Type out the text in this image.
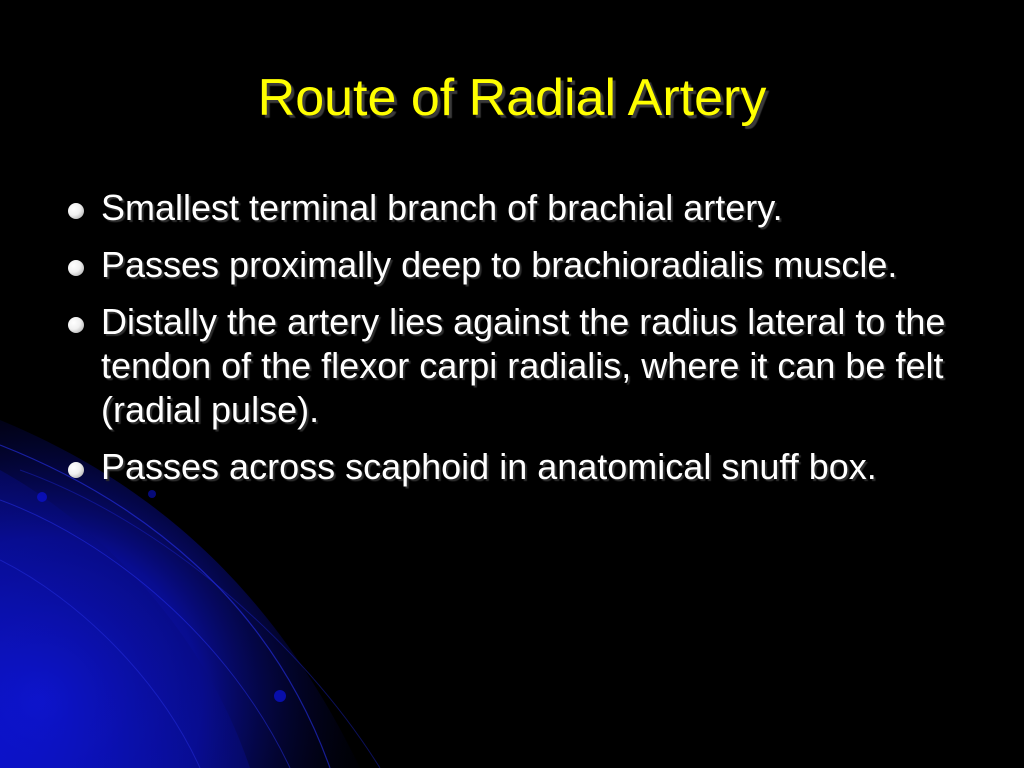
Route of Radial Artery
Smallest terminal branch of brachial artery.
Passes proximally deep to brachioradialis muscle.
Distally the artery lies against the radius lateral to the tendon of the flexor carpi radialis, where it can be felt (radial pulse).
Passes across scaphoid in anatomical snuff box.
